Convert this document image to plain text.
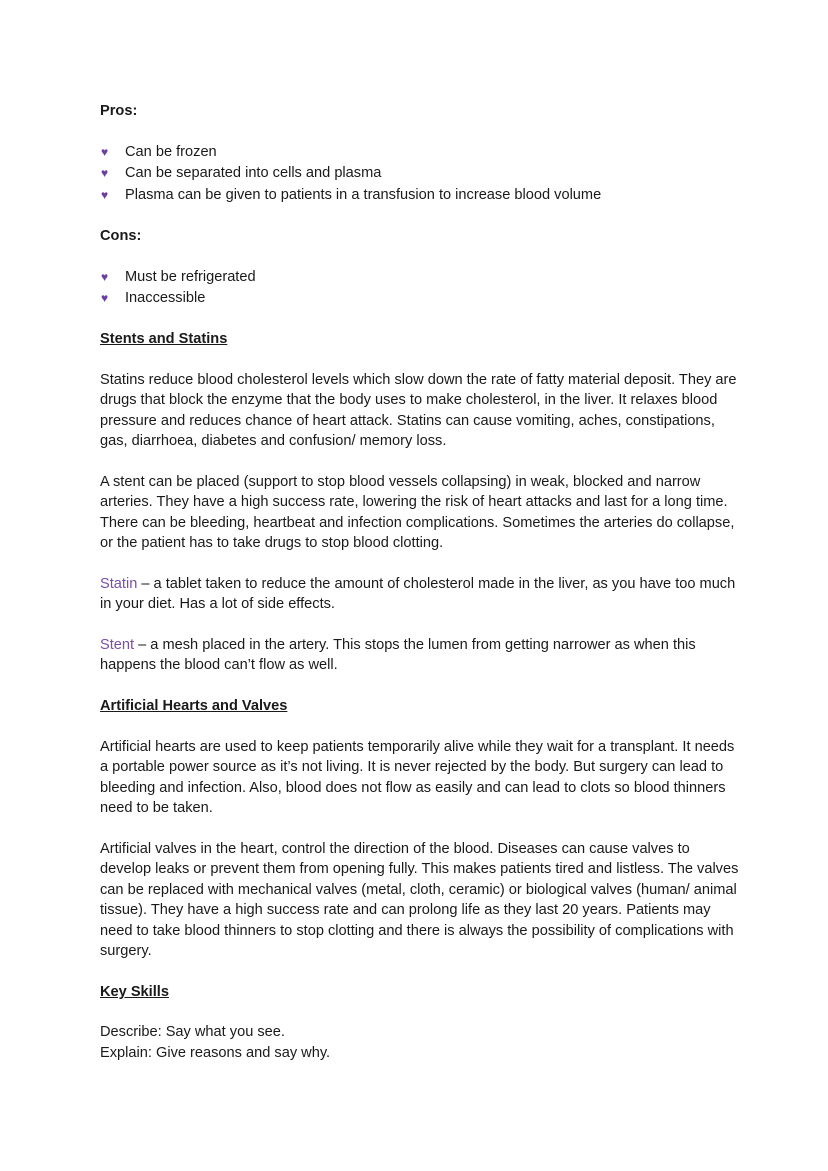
Pros:
♥ Can be frozen
♥ Can be separated into cells and plasma
♥ Plasma can be given to patients in a transfusion to increase blood volume
Cons:
♥ Must be refrigerated
♥ Inaccessible
Stents and Statins

Statins reduce blood cholesterol levels which slow down the rate of fatty material deposit. They are drugs that block the enzyme that the body uses to make cholesterol, in the liver. It relaxes blood pressure and reduces chance of heart attack. Statins can cause vomiting, aches, constipations, gas, diarrhoea, diabetes and confusion/ memory loss.

A stent can be placed (support to stop blood vessels collapsing) in weak, blocked and narrow arteries. They have a high success rate, lowering the risk of heart attacks and last for a long time. There can be bleeding, heartbeat and infection complications. Sometimes the arteries do collapse, or the patient has to take drugs to stop blood clotting.

Statin – a tablet taken to reduce the amount of cholesterol made in the liver, as you have too much in your diet. Has a lot of side effects.

Stent – a mesh placed in the artery. This stops the lumen from getting narrower as when this happens the blood can’t flow as well.

Artificial Hearts and Valves

Artificial hearts are used to keep patients temporarily alive while they wait for a transplant. It needs a portable power source as it’s not living. It is never rejected by the body. But surgery can lead to bleeding and infection. Also, blood does not flow as easily and can lead to clots so blood thinners need to be taken.

Artificial valves in the heart, control the direction of the blood. Diseases can cause valves to develop leaks or prevent them from opening fully. This makes patients tired and listless. The valves can be replaced with mechanical valves (metal, cloth, ceramic) or biological valves (human/ animal tissue). They have a high success rate and can prolong life as they last 20 years. Patients may need to take blood thinners to stop clotting and there is always the possibility of complications with surgery.

Key Skills
Describe: Say what you see.
Explain: Give reasons and say why.
